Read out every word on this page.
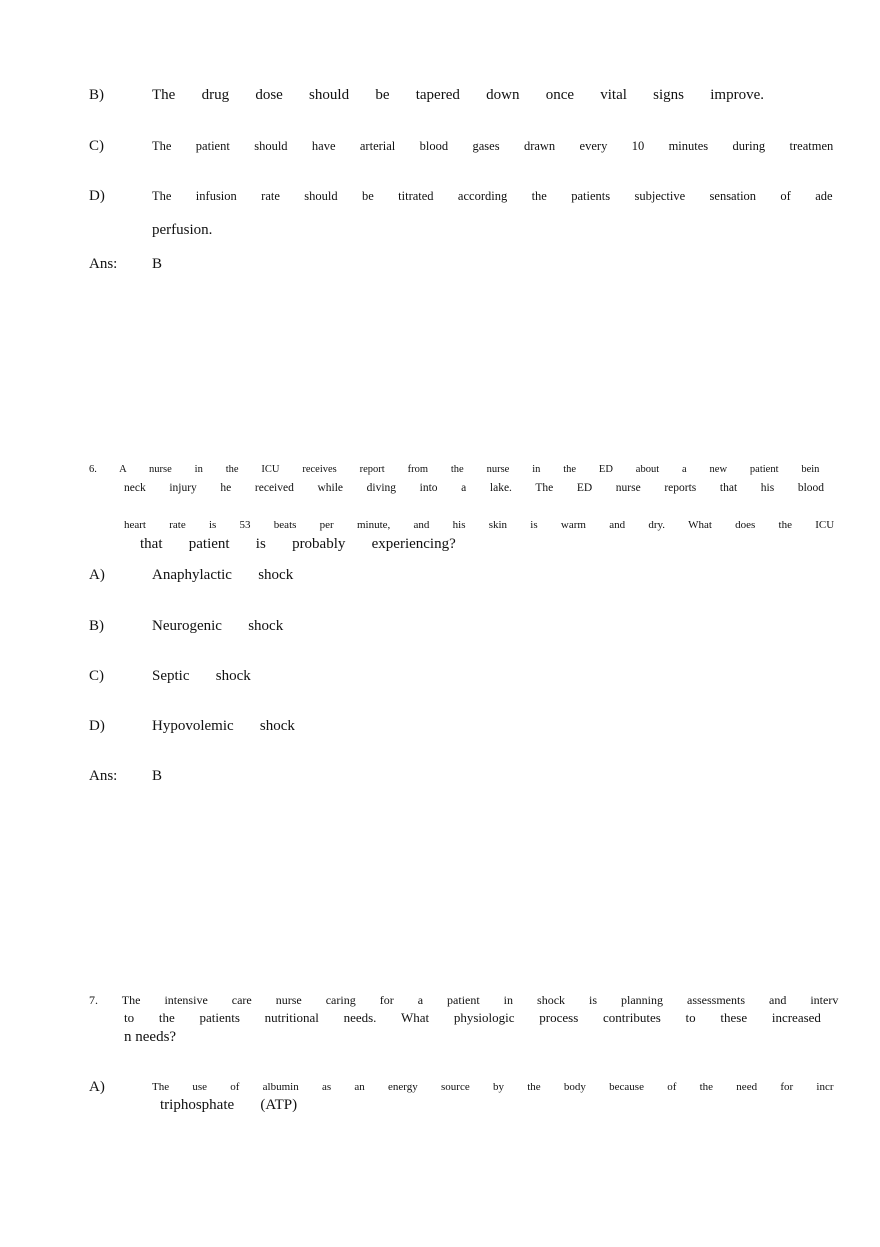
B)	The   drug   dose   should   be   tapered   down   once   vital   signs   improve.
C)	The   patient   should   have   arterial   blood   gases   drawn   every   10   minutes   during   treatmen
D)	The   infusion   rate   should   be   titrated   according   the   patients   subjective   sensation   of   ade
perfusion.
Ans: B
6.   A   nurse   in   the   ICU   receives   report   from   the   nurse   in   the   ED   about   a   new   patient   bein
neck   injury   he   received   while   diving   into   a   lake.   The   ED   nurse   reports   that   his   blood
heart   rate   is   53   beats   per   minute,   and   his   skin   is   warm   and   dry.   What   does   the   ICU
that   patient   is   probably   experiencing?
A)	Anaphylactic   shock
B)	Neurogenic   shock
C)	Septic   shock
D)	Hypovolemic   shock
Ans: B
7.   The   intensive   care   nurse   caring   for   a   patient   in   shock   is   planning   assessments   and   interv
to   the   patients   nutritional   needs.   What   physiologic   process   contributes   to   these   increased
n needs?
A)	The   use   of   albumin   as   an   energy   source   by   the   body   because   of   the   need   for   incr
triphosphate   (ATP)
